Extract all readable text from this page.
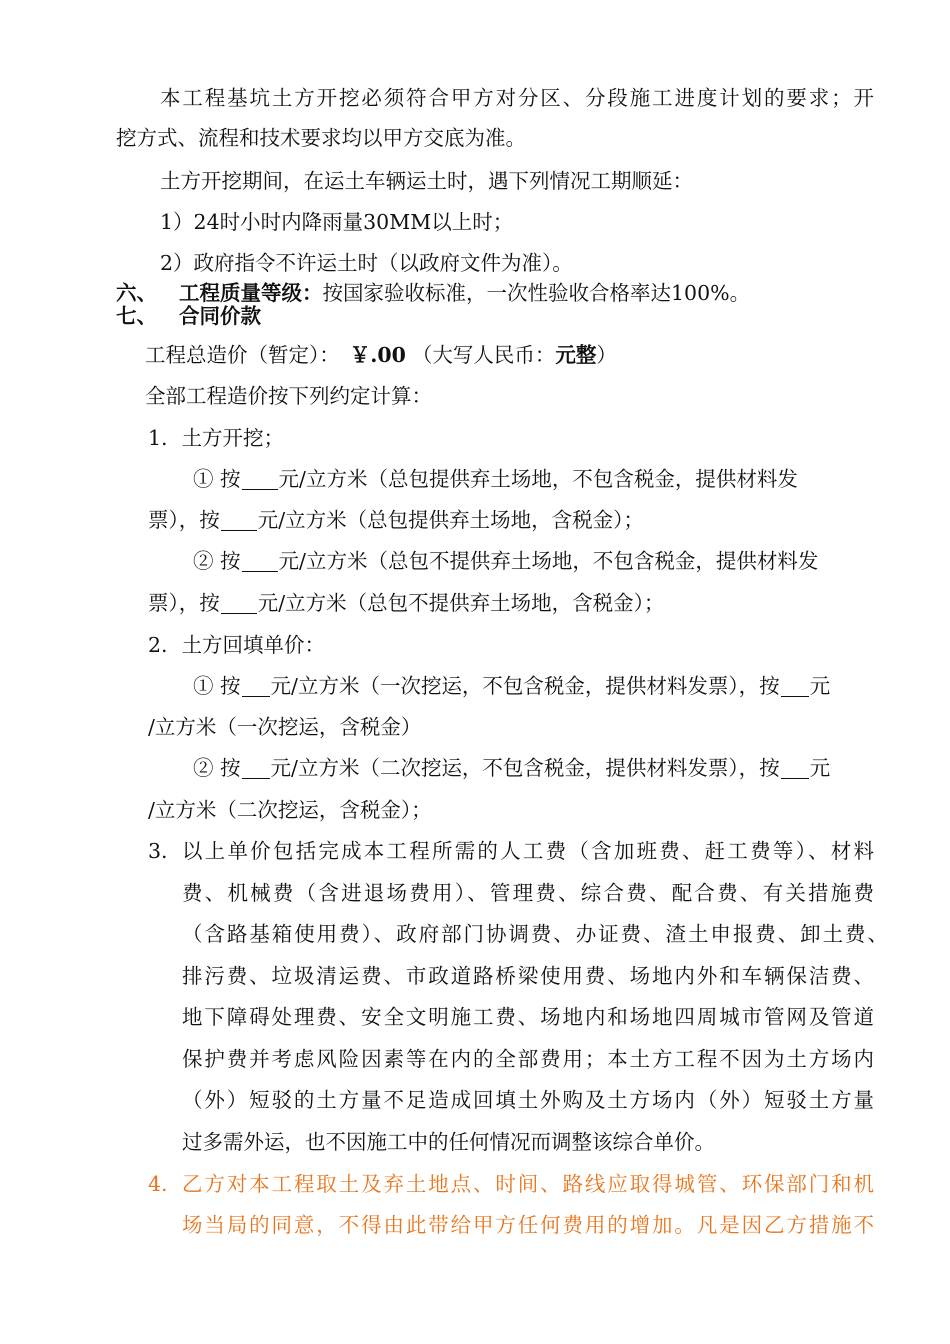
本工程基坑土方开挖必须符合甲方对分区、分段施工进度计划的要求；开
挖方式、流程和技术要求均以甲方交底为准。
土方开挖期间，在运土车辆运土时，遇下列情况工期顺延：
1）24时小时内降雨量30MM以上时；
2）政府指令不许运土时（以政府文件为准）。
六、 工程质量等级：按国家验收标准，一次性验收合格率达100%。
七、 合同价款
工程总造价（暂定）： ￥.00 （大写人民币：元整）
全部工程造价按下列约定计算：
1. 土方开挖；
① 按 元/立方米（总包提供弃土场地，不包含税金，提供材料发
票），按 元/立方米（总包提供弃土场地，含税金）；
② 按 元/立方米（总包不提供弃土场地，不包含税金，提供材料发
票），按 元/立方米（总包不提供弃土场地，含税金）；
2. 土方回填单价：
① 按 元/立方米（一次挖运，不包含税金，提供材料发票），按 元
/立方米（一次挖运，含税金）
② 按 元/立方米（二次挖运，不包含税金，提供材料发票），按 元
/立方米（二次挖运，含税金）；
3. 以上单价包括完成本工程所需的人工费（含加班费、赶工费等）、材料
费、机械费（含进退场费用）、管理费、综合费、配合费、有关措施费
（含路基箱使用费）、政府部门协调费、办证费、渣土申报费、卸土费、
排污费、垃圾清运费、市政道路桥梁使用费、场地内外和车辆保洁费、
地下障碍处理费、安全文明施工费、场地内和场地四周城市管网及管道
保护费并考虑风险因素等在内的全部费用；本土方工程不因为土方场内
（外）短驳的土方量不足造成回填土外购及土方场内（外）短驳土方量
过多需外运，也不因施工中的任何情况而调整该综合单价。
4. 乙方对本工程取土及弃土地点、时间、路线应取得城管、环保部门和机
场当局的同意，不得由此带给甲方任何费用的增加。凡是因乙方措施不
